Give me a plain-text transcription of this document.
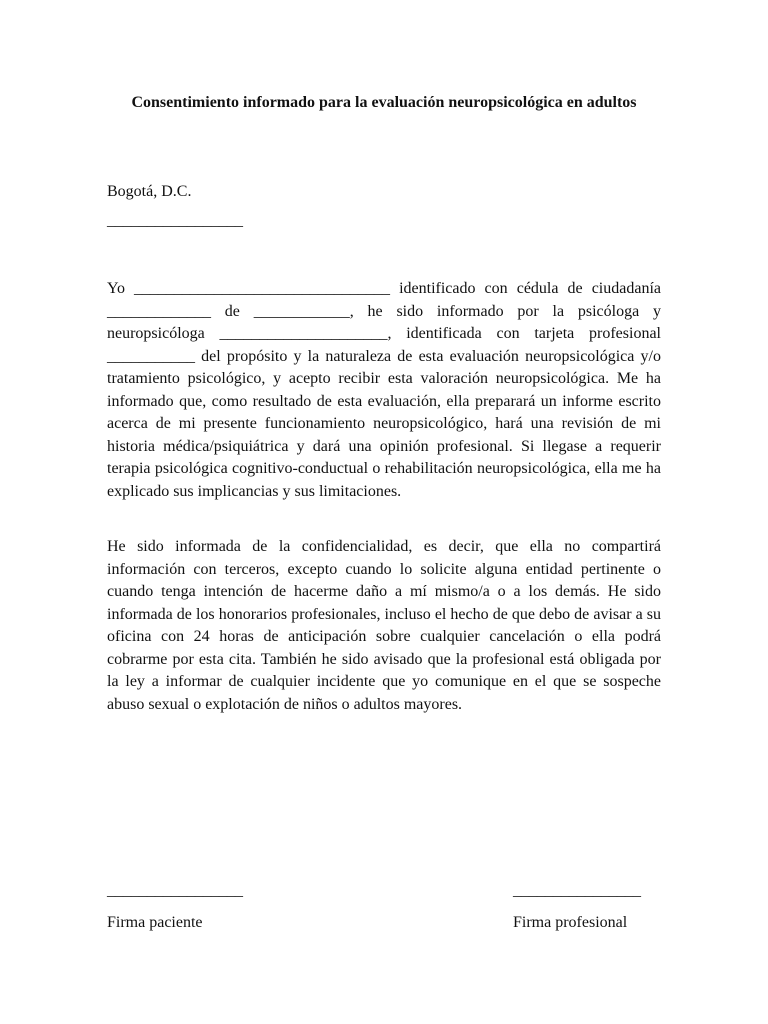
Consentimiento informado para la evaluación neuropsicológica en adultos

Bogotá, D.C.

_________________

Yo ________________________________ identificado con cédula de ciudadanía _____________ de ____________, he sido informado por la psicóloga y neuropsicóloga _____________________, identificada con tarjeta profesional ___________ del propósito y la naturaleza de esta evaluación neuropsicológica y/o tratamiento psicológico, y acepto recibir esta valoración neuropsicológica. Me ha informado que, como resultado de esta evaluación, ella preparará un informe escrito acerca de mi presente funcionamiento neuropsicológico, hará una revisión de mi historia médica/psiquiátrica y dará una opinión profesional. Si llegase a requerir terapia psicológica cognitivo-conductual o rehabilitación neuropsicológica, ella me ha explicado sus implicancias y sus limitaciones.

He sido informada de la confidencialidad, es decir, que ella no compartirá información con terceros, excepto cuando lo solicite alguna entidad pertinente o cuando tenga intención de hacerme daño a mí mismo/a o a los demás. He sido informada de los honorarios profesionales, incluso el hecho de que debo de avisar a su oficina con 24 horas de anticipación sobre cualquier cancelación o ella podrá cobrarme por esta cita. También he sido avisado que la profesional está obligada por la ley a informar de cualquier incidente que yo comunique en el que se sospeche abuso sexual o explotación de niños o adultos mayores.

_________________	________________

Firma paciente	Firma profesional
